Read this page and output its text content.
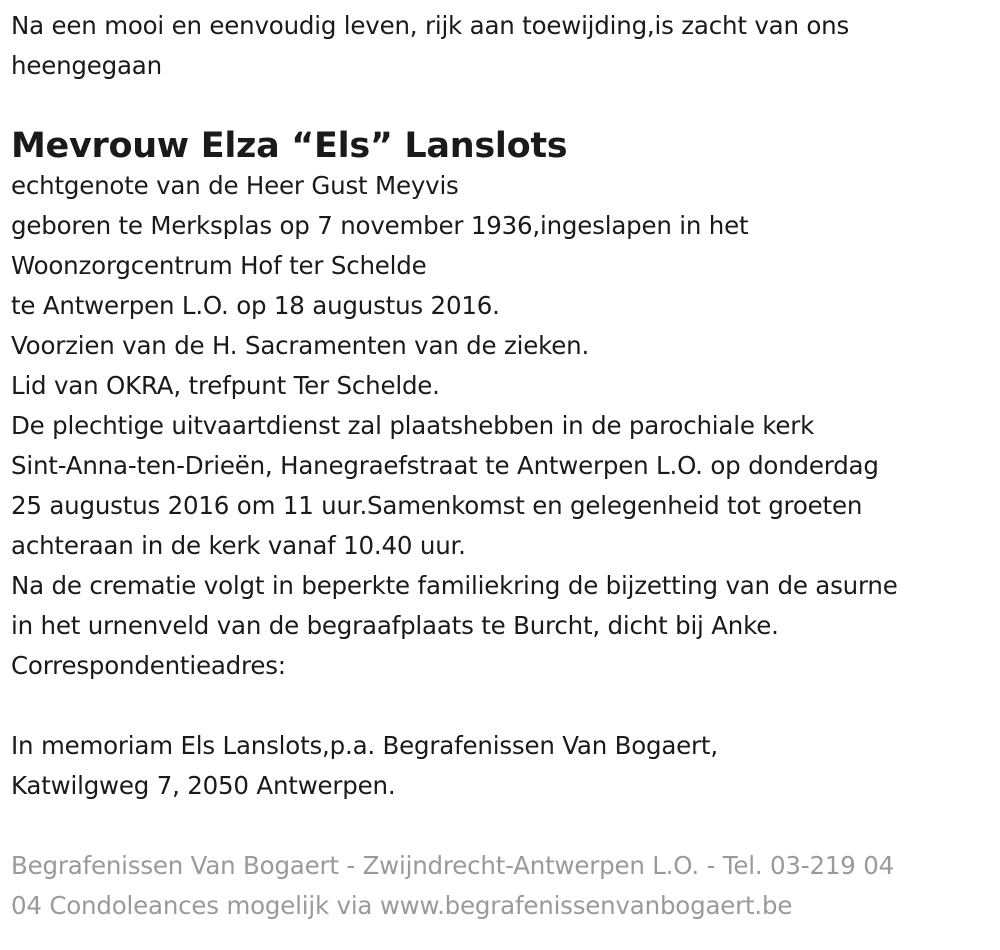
Na een mooi en eenvoudig leven, rijk aan toewijding,is zacht van ons
heengegaan

Mevrouw Elza “Els” Lanslots

echtgenote van de Heer Gust Meyvis
geboren te Merksplas op 7 november 1936,ingeslapen in het
Woonzorgcentrum Hof ter Schelde
te Antwerpen L.O. op 18 augustus 2016.
Voorzien van de H. Sacramenten van de zieken.
Lid van OKRA, trefpunt Ter Schelde.
De plechtige uitvaartdienst zal plaatshebben in de parochiale kerk
Sint-Anna-ten-Drieën, Hanegraefstraat te Antwerpen L.O. op donderdag
25 augustus 2016 om 11 uur.Samenkomst en gelegenheid tot groeten
achteraan in de kerk vanaf 10.40 uur.
Na de crematie volgt in beperkte familiekring de bijzetting van de asurne
in het urnenveld van de begraafplaats te Burcht, dicht bij Anke.
Correspondentieadres:
In memoriam Els Lanslots,p.a. Begrafenissen Van Bogaert,
Katwilgweg 7, 2050 Antwerpen.

Begrafenissen Van Bogaert - Zwijndrecht-Antwerpen L.O. - Tel. 03-219 04
04 Condoleances mogelijk via www.begrafenissenvanbogaert.be
